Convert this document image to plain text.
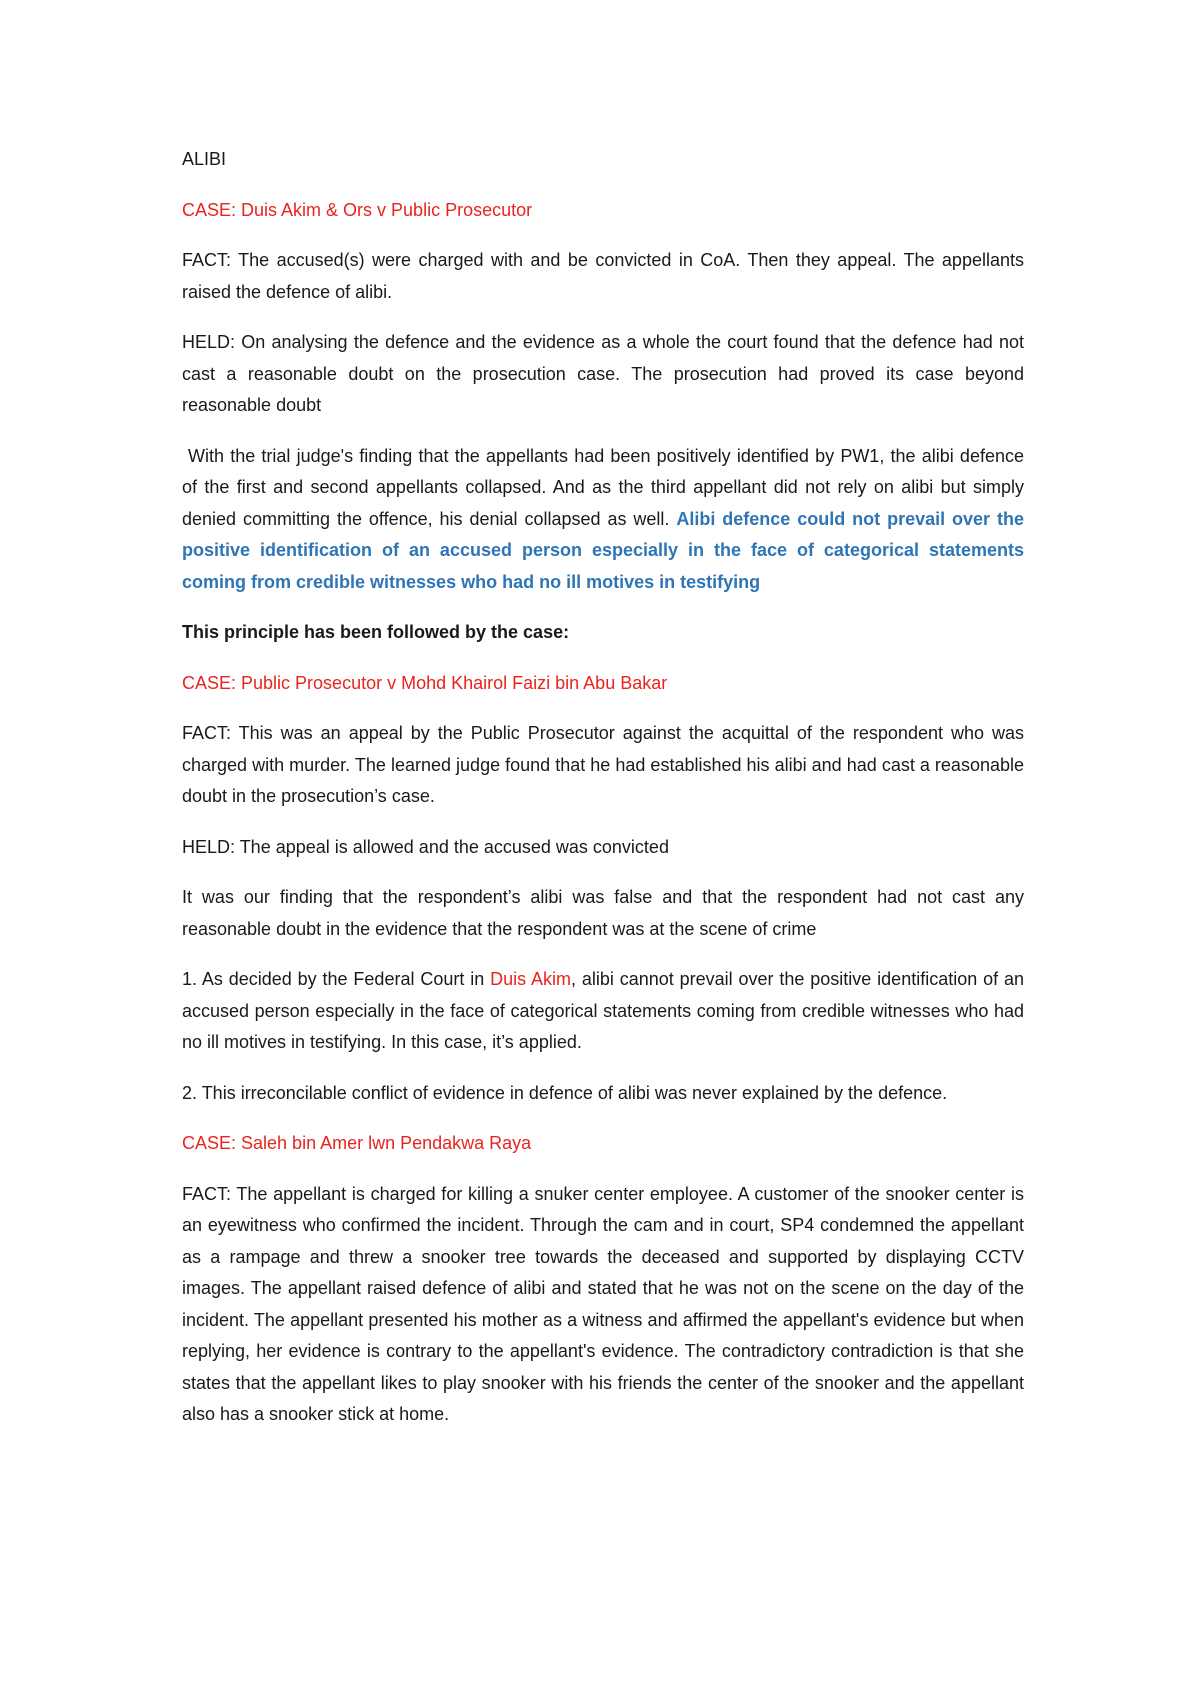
ALIBI

CASE: Duis Akim & Ors v Public Prosecutor

FACT: The accused(s) were charged with and be convicted in CoA. Then they appeal. The appellants raised the defence of alibi.

HELD: On analysing the defence and the evidence as a whole the court found that the defence had not cast a reasonable doubt on the prosecution case. The prosecution had proved its case beyond reasonable doubt

With the trial judge's finding that the appellants had been positively identified by PW1, the alibi defence of the first and second appellants collapsed. And as the third appellant did not rely on alibi but simply denied committing the offence, his denial collapsed as well. Alibi defence could not prevail over the positive identification of an accused person especially in the face of categorical statements coming from credible witnesses who had no ill motives in testifying

This principle has been followed by the case:

CASE: Public Prosecutor v Mohd Khairol Faizi bin Abu Bakar

FACT: This was an appeal by the Public Prosecutor against the acquittal of the respondent who was charged with murder. The learned judge found that he had established his alibi and had cast a reasonable doubt in the prosecution’s case.

HELD: The appeal is allowed and the accused was convicted

It was our finding that the respondent’s alibi was false and that the respondent had not cast any reasonable doubt in the evidence that the respondent was at the scene of crime

1. As decided by the Federal Court in Duis Akim, alibi cannot prevail over the positive identification of an accused person especially in the face of categorical statements coming from credible witnesses who had no ill motives in testifying. In this case, it’s applied.

2. This irreconcilable conflict of evidence in defence of alibi was never explained by the defence.

CASE: Saleh bin Amer lwn Pendakwa Raya

FACT: The appellant is charged for killing a snuker center employee. A customer of the snooker center is an eyewitness who confirmed the incident. Through the cam and in court, SP4 condemned the appellant as a rampage and threw a snooker tree towards the deceased and supported by displaying CCTV images. The appellant raised defence of alibi and stated that he was not on the scene on the day of the incident. The appellant presented his mother as a witness and affirmed the appellant's evidence but when replying, her evidence is contrary to the appellant's evidence. The contradictory contradiction is that she states that the appellant likes to play snooker with his friends the center of the snooker and the appellant also has a snooker stick at home.
